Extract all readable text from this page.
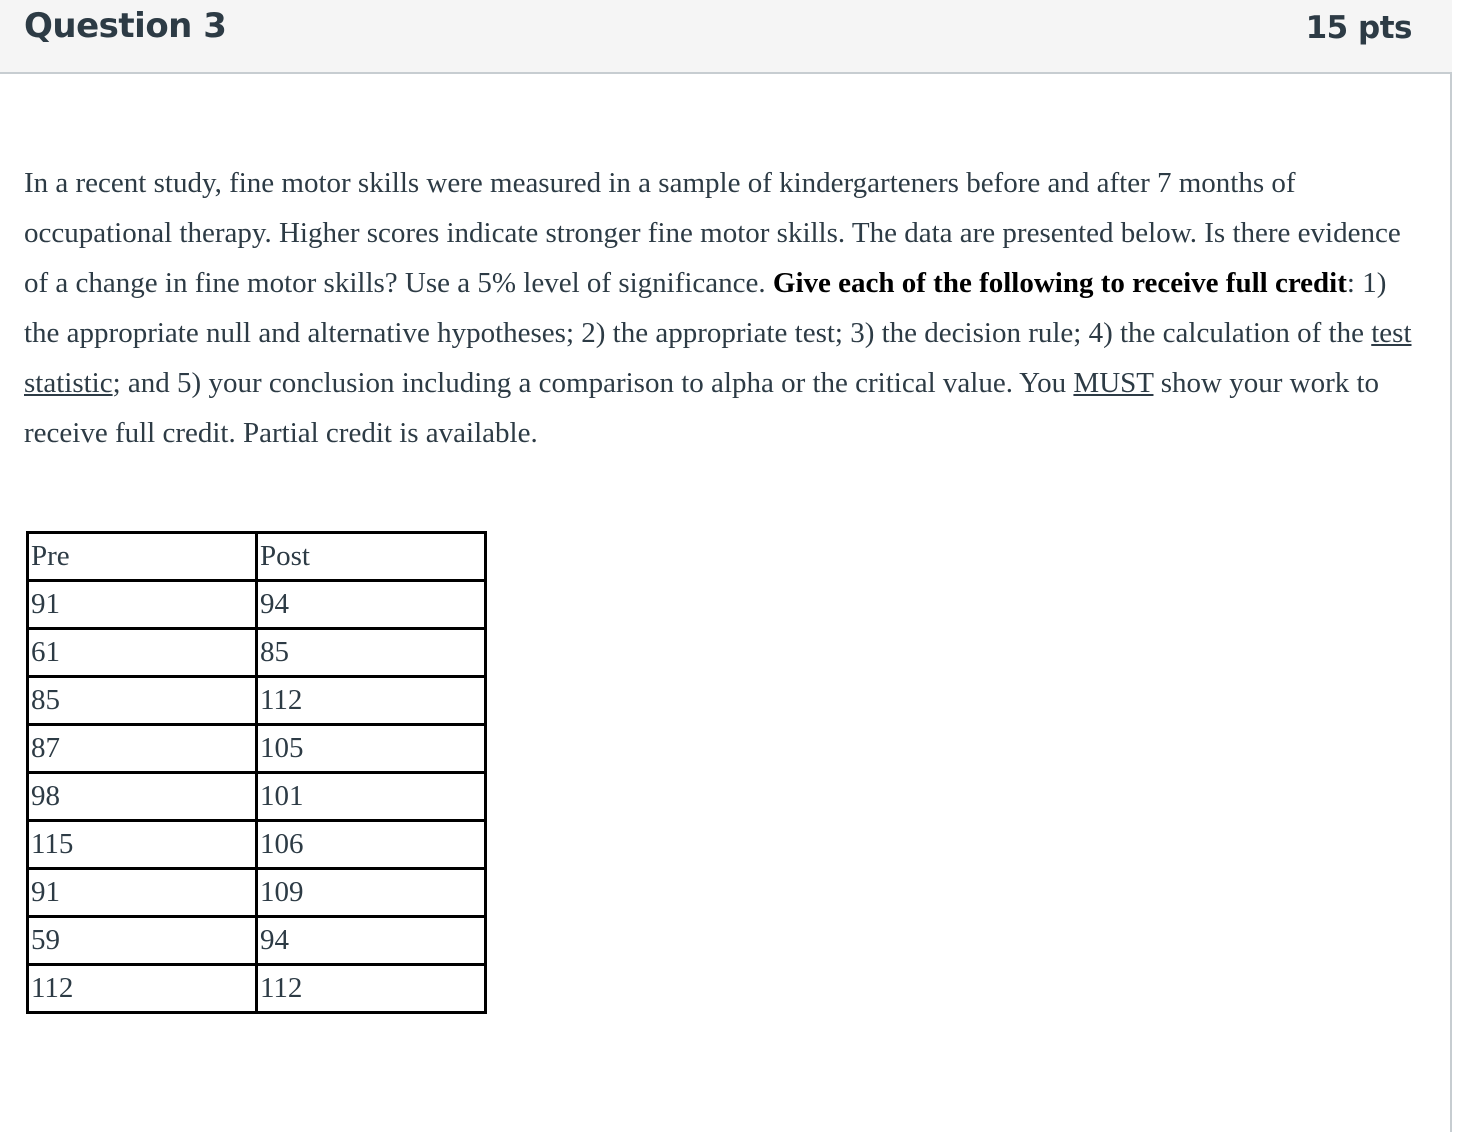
Question 3	15 pts

In a recent study, fine motor skills were measured in a sample of kindergarteners before and after 7 months of occupational therapy. Higher scores indicate stronger fine motor skills. The data are presented below. Is there evidence of a change in fine motor skills? Use a 5% level of significance. Give each of the following to receive full credit: 1) the appropriate null and alternative hypotheses; 2) the appropriate test; 3) the decision rule; 4) the calculation of the test statistic; and 5) your conclusion including a comparison to alpha or the critical value. You MUST show your work to receive full credit. Partial credit is available.

Pre	Post
91	94
61	85
85	112
87	105
98	101
115	106
91	109
59	94
112	112
